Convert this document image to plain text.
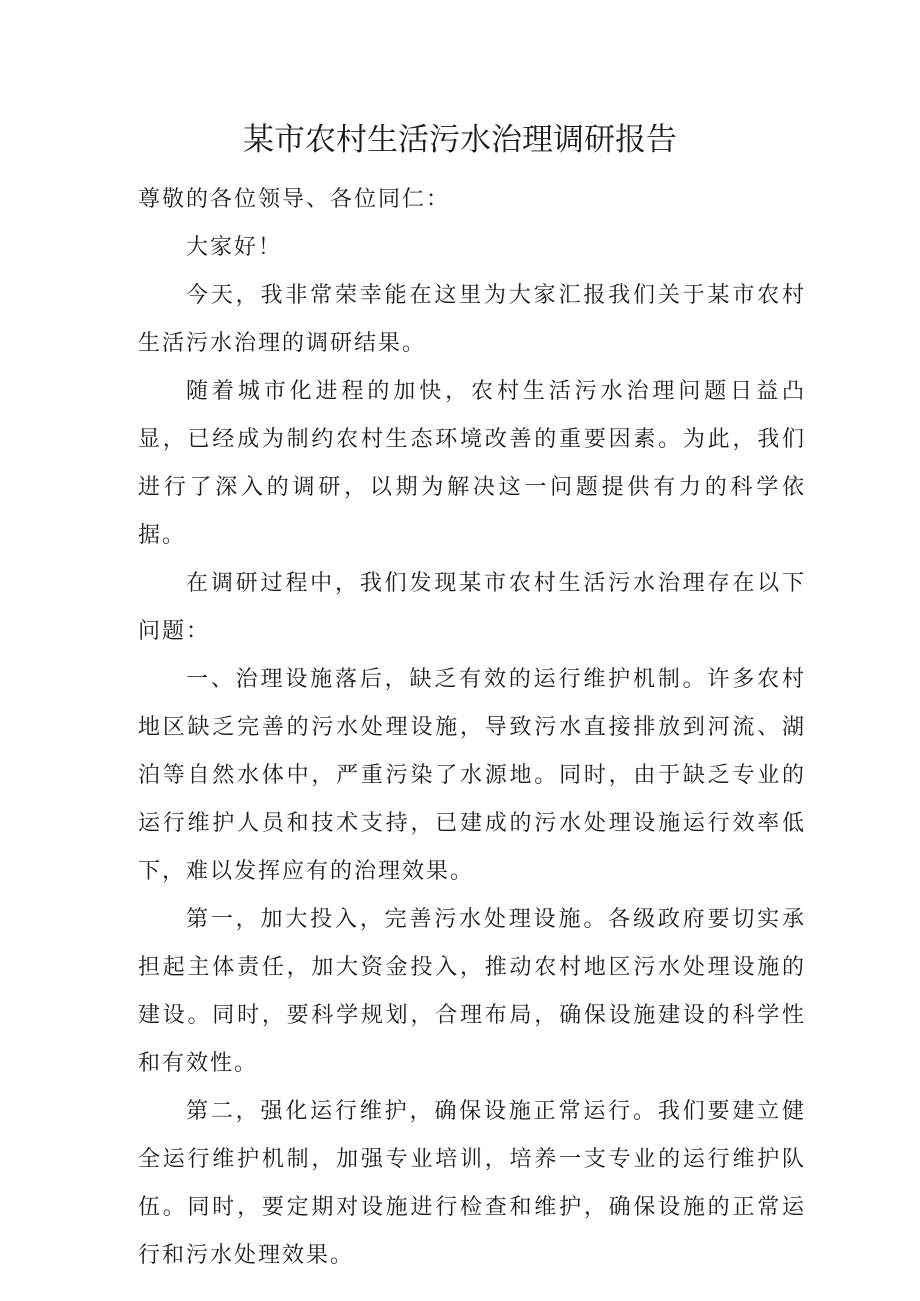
某市农村生活污水治理调研报告

尊敬的各位领导、各位同仁：

大家好！

今天，我非常荣幸能在这里为大家汇报我们关于某市农村生活污水治理的调研结果。

随着城市化进程的加快，农村生活污水治理问题日益凸显，已经成为制约农村生态环境改善的重要因素。为此，我们进行了深入的调研，以期为解决这一问题提供有力的科学依据。

在调研过程中，我们发现某市农村生活污水治理存在以下问题：

一、治理设施落后，缺乏有效的运行维护机制。许多农村地区缺乏完善的污水处理设施，导致污水直接排放到河流、湖泊等自然水体中，严重污染了水源地。同时，由于缺乏专业的运行维护人员和技术支持，已建成的污水处理设施运行效率低下，难以发挥应有的治理效果。

第一，加大投入，完善污水处理设施。各级政府要切实承担起主体责任，加大资金投入，推动农村地区污水处理设施的建设。同时，要科学规划，合理布局，确保设施建设的科学性和有效性。

第二，强化运行维护，确保设施正常运行。我们要建立健全运行维护机制，加强专业培训，培养一支专业的运行维护队伍。同时，要定期对设施进行检查和维护，确保设施的正常运行和污水处理效果。
